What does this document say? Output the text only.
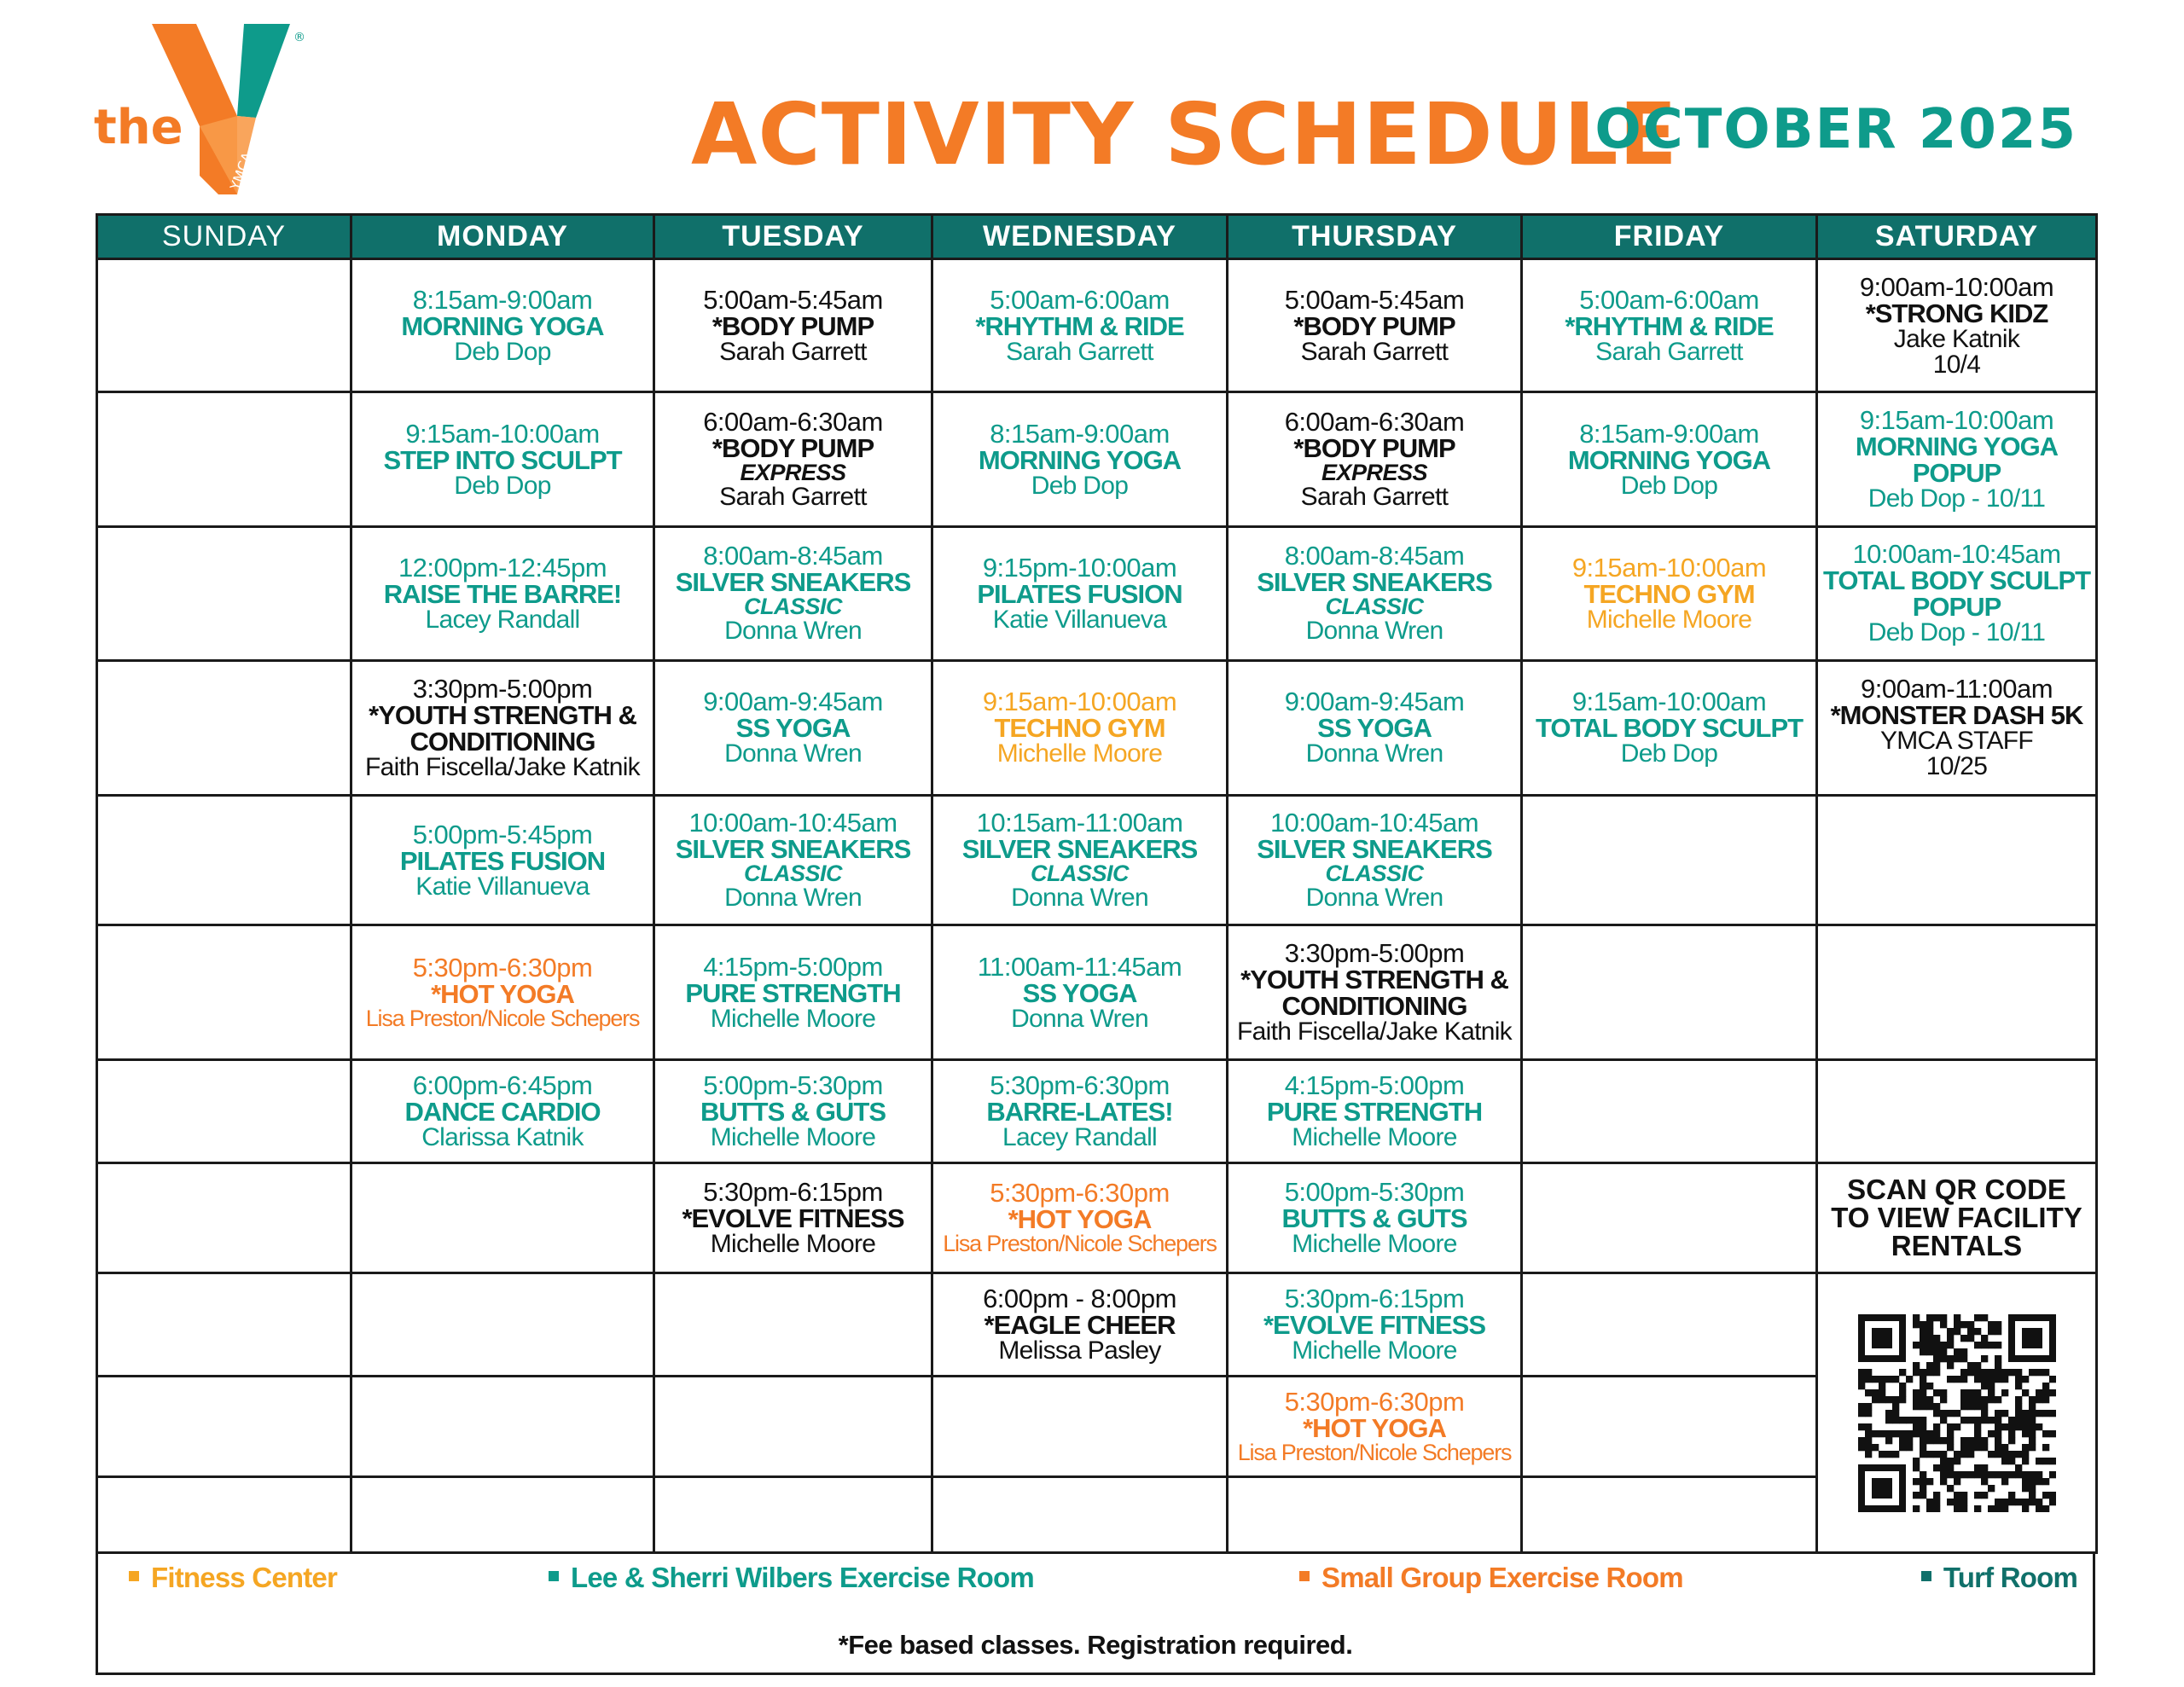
the
YMCA
®
ACTIVITY SCHEDULE
OCTOBER 2025
SUNDAY	MONDAY	TUESDAY	WEDNESDAY	THURSDAY	FRIDAY	SATURDAY

	8:15am-9:00am
MORNING YOGA
Deb Dop	5:00am-5:45am
*BODY PUMP
Sarah Garrett	5:00am-6:00am
*RHYTHM & RIDE
Sarah Garrett	5:00am-5:45am
*BODY PUMP
Sarah Garrett	5:00am-6:00am
*RHYTHM & RIDE
Sarah Garrett	9:00am-10:00am
*STRONG KIDZ
Jake Katnik
10/4

	9:15am-10:00am
STEP INTO SCULPT
Deb Dop	6:00am-6:30am
*BODY PUMP
EXPRESS
Sarah Garrett	8:15am-9:00am
MORNING YOGA
Deb Dop	6:00am-6:30am
*BODY PUMP
EXPRESS
Sarah Garrett	8:15am-9:00am
MORNING YOGA
Deb Dop	9:15am-10:00am
MORNING YOGA
POPUP
Deb Dop - 10/11

	12:00pm-12:45pm
RAISE THE BARRE!
Lacey Randall	8:00am-8:45am
SILVER SNEAKERS
CLASSIC
Donna Wren	9:15pm-10:00am
PILATES FUSION
Katie Villanueva	8:00am-8:45am
SILVER SNEAKERS
CLASSIC
Donna Wren	9:15am-10:00am
TECHNO GYM
Michelle Moore	10:00am-10:45am
TOTAL BODY SCULPT
POPUP
Deb Dop - 10/11

	3:30pm-5:00pm
*YOUTH STRENGTH &
CONDITIONING
Faith Fiscella/Jake Katnik	9:00am-9:45am
SS YOGA
Donna Wren	9:15am-10:00am
TECHNO GYM
Michelle Moore	9:00am-9:45am
SS YOGA
Donna Wren	9:15am-10:00am
TOTAL BODY SCULPT
Deb Dop	9:00am-11:00am
*MONSTER DASH 5K
YMCA STAFF
10/25

	5:00pm-5:45pm
PILATES FUSION
Katie Villanueva	10:00am-10:45am
SILVER SNEAKERS
CLASSIC
Donna Wren	10:15am-11:00am
SILVER SNEAKERS
CLASSIC
Donna Wren	10:00am-10:45am
SILVER SNEAKERS
CLASSIC
Donna Wren		

	5:30pm-6:30pm
*HOT YOGA
Lisa Preston/Nicole Schepers	4:15pm-5:00pm
PURE STRENGTH
Michelle Moore	11:00am-11:45am
SS YOGA
Donna Wren	3:30pm-5:00pm
*YOUTH STRENGTH &
CONDITIONING
Faith Fiscella/Jake Katnik		

	6:00pm-6:45pm
DANCE CARDIO
Clarissa Katnik	5:00pm-5:30pm
BUTTS & GUTS
Michelle Moore	5:30pm-6:30pm
BARRE-LATES!
Lacey Randall	4:15pm-5:00pm
PURE STRENGTH
Michelle Moore		

		5:30pm-6:15pm
*EVOLVE FITNESS
Michelle Moore	5:30pm-6:30pm
*HOT YOGA
Lisa Preston/Nicole Schepers	5:00pm-5:30pm
BUTTS & GUTS
Michelle Moore		SCAN QR CODE
TO VIEW FACILITY
RENTALS

			6:00pm - 8:00pm
*EAGLE CHEER
Melissa Pasley	5:30pm-6:15pm
*EVOLVE FITNESS
Michelle Moore

				5:30pm-6:30pm
*HOT YOGA
Lisa Preston/Nicole Schepers		

Fitness Center	Lee & Sherri Wilbers Exercise Room	Small Group Exercise Room	Turf Room
*Fee based classes. Registration required.
